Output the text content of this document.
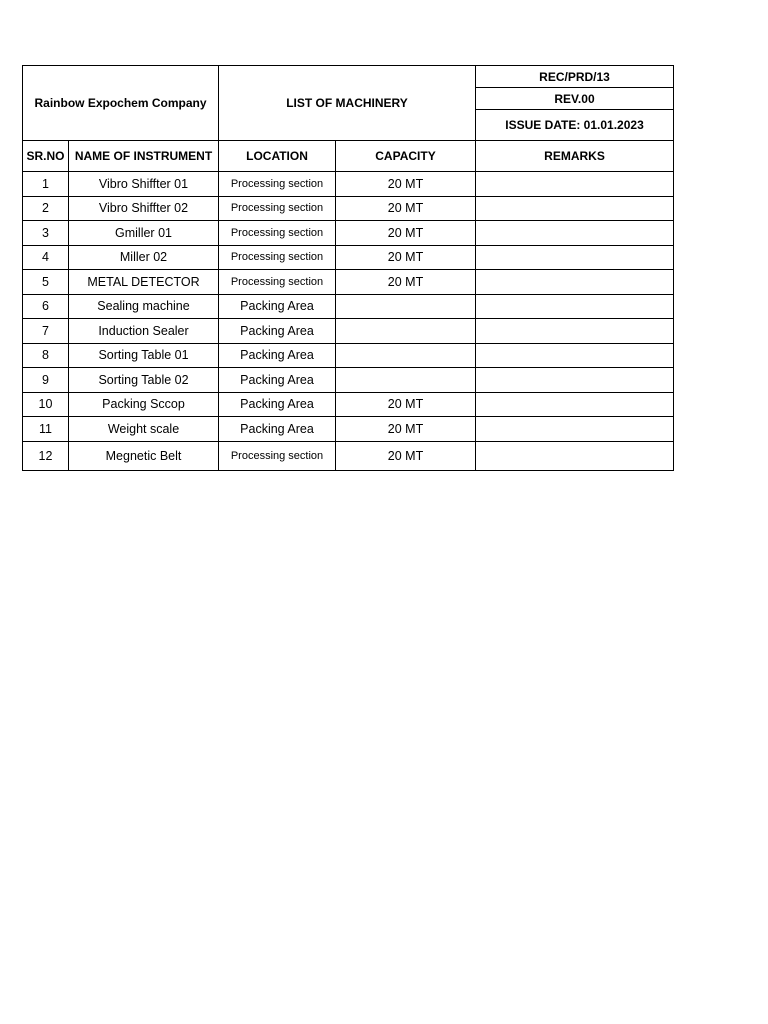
Rainbow Expochem Company		LIST OF MACHINERY		REC/PRD/13
				REV.00
				ISSUE DATE: 01.01.2023
SR.NO	NAME OF INSTRUMENT	LOCATION	CAPACITY	REMARKS
1	Vibro Shiffter 01	Processing section	20 MT	
2	Vibro Shiffter 02	Processing section	20 MT	
3	Gmiller 01	Processing section	20 MT	
4	Miller 02	Processing section	20 MT	
5	METAL DETECTOR	Processing section	20 MT	
6	Sealing machine	Packing Area		
7	Induction Sealer	Packing Area		
8	Sorting Table 01	Packing Area		
9	Sorting Table 02	Packing Area		
10	Packing Sccop	Packing Area	20 MT	
11	Weight scale	Packing Area	20 MT	
12	Megnetic Belt	Processing section	20 MT	
